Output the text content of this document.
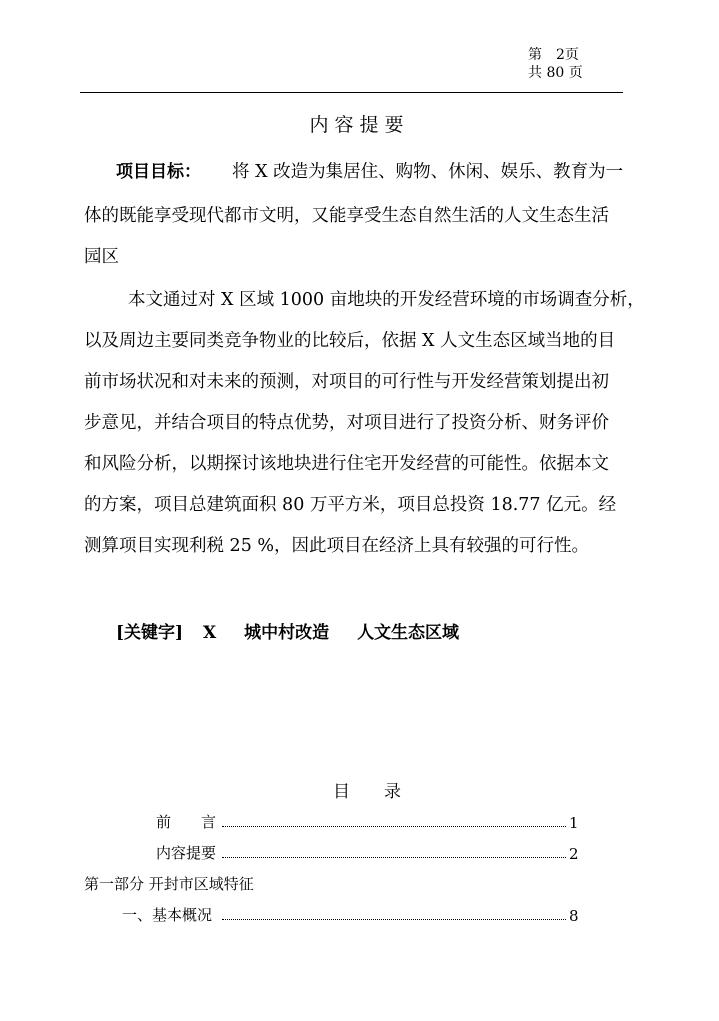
第　2页
共 80 页
内容提要
项目目标： 将 X 改造为集居住、购物、休闲、娱乐、教育为一
体的既能享受现代都市文明，又能享受生态自然生活的人文生态生活
园区
本文通过对 X 区域 1000 亩地块的开发经营环境的市场调查分析，
以及周边主要同类竞争物业的比较后，依据 X 人文生态区域当地的目
前市场状况和对未来的预测，对项目的可行性与开发经营策划提出初
步意见，并结合项目的特点优势，对项目进行了投资分析、财务评价
和风险分析，以期探讨该地块进行住宅开发经营的可能性。依据本文
的方案，项目总建筑面积 80 万平方米，项目总投资 18.77 亿元。经
测算项目实现利税 25 %，因此项目在经济上具有较强的可行性。
[关键字] X 城中村改造 人文生态区域
目　　录
前　　言	1
内容提要	2
第一部分 开封市区域特征
一、基本概况	8
